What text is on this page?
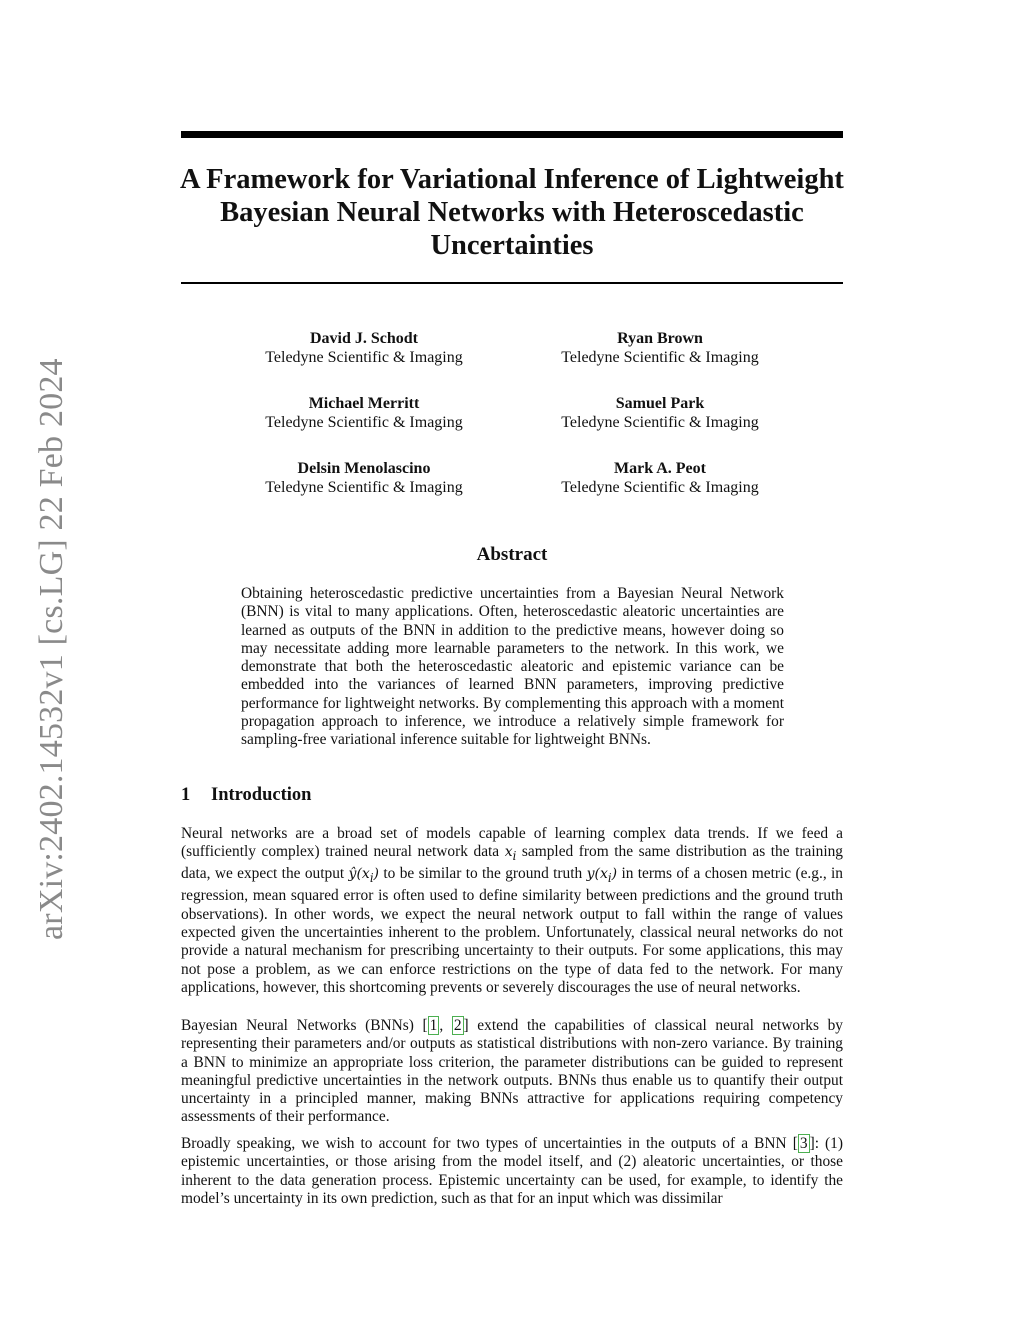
arXiv:2402.14532v1 [cs.LG] 22 Feb 2024
A Framework for Variational Inference of Lightweight
Bayesian Neural Networks with Heteroscedastic
Uncertainties
David J. Schodt
Teledyne Scientific & Imaging
Ryan Brown
Teledyne Scientific & Imaging
Michael Merritt
Teledyne Scientific & Imaging
Samuel Park
Teledyne Scientific & Imaging
Delsin Menolascino
Teledyne Scientific & Imaging
Mark A. Peot
Teledyne Scientific & Imaging
Abstract

Obtaining heteroscedastic predictive uncertainties from a Bayesian Neural Network (BNN) is vital to many applications. Often, heteroscedastic aleatoric uncertainties are learned as outputs of the BNN in addition to the predictive means, however doing so may necessitate adding more learnable parameters to the network. In this work, we demonstrate that both the heteroscedastic aleatoric and epistemic variance can be embedded into the variances of learned BNN parameters, improving predictive performance for lightweight networks. By complementing this approach with a moment propagation approach to inference, we introduce a relatively simple framework for sampling-free variational inference suitable for lightweight BNNs.

1 Introduction

Neural networks are a broad set of models capable of learning complex data trends. If we feed a (sufficiently complex) trained neural network data $x_i$ sampled from the same distribution as the training data, we expect the output $ŷ(x_i)$ to be similar to the ground truth $y(x_i)$ in terms of a chosen metric (e.g., in regression, mean squared error is often used to define similarity between predictions and the ground truth observations). In other words, we expect the neural network output to fall within the range of values expected given the uncertainties inherent to the problem. Unfortunately, classical neural networks do not provide a natural mechanism for prescribing uncertainty to their outputs. For some applications, this may not pose a problem, as we can enforce restrictions on the type of data fed to the network. For many applications, however, this shortcoming prevents or severely discourages the use of neural networks.

Bayesian Neural Networks (BNNs) [ 1 , 2 ] extend the capabilities of classical neural networks by representing their parameters and/or outputs as statistical distributions with non-zero variance. By training a BNN to minimize an appropriate loss criterion, the parameter distributions can be guided to represent meaningful predictive uncertainties in the network outputs. BNNs thus enable us to quantify their output uncertainty in a principled manner, making BNNs attractive for applications requiring competency assessments of their performance.

Broadly speaking, we wish to account for two types of uncertainties in the outputs of a BNN [ 3 ]: (1) epistemic uncertainties, or those arising from the model itself, and (2) aleatoric uncertainties, or those inherent to the data generation process. Epistemic uncertainty can be used, for example, to identify the model’s uncertainty in its own prediction, such as that for an input which was dissimilar
